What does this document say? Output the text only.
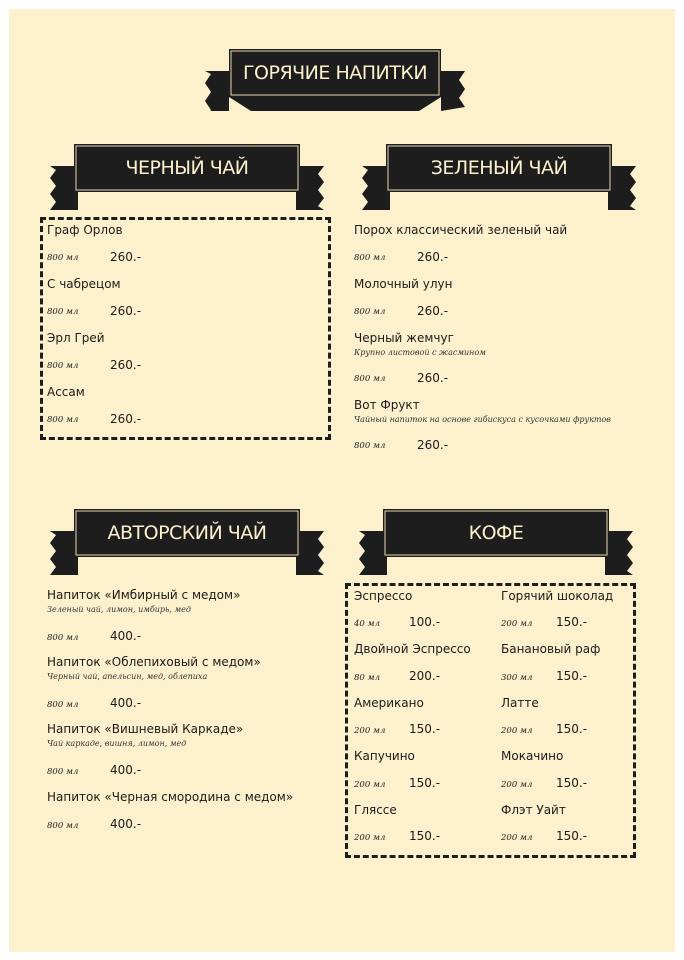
ГОРЯЧИЕ НАПИТКИ
ЧЕРНЫЙ ЧАЙ	ЗЕЛЕНЫЙ ЧАЙ
Граф Орлов
800 мл	260.-
С чабрецом
800 мл	260.-
Эрл Грей
800 мл	260.-
Ассам
800 мл	260.-
Порох классический зеленый чай
800 мл	260.-
Молочный улун
800 мл	260.-
Черный жемчуг
Крупно листовой с жасмином
800 мл	260.-
Вот Фрукт
Чайный напиток на основе гибискуса с кусочками фруктов
800 мл	260.-
АВТОРСКИЙ ЧАЙ	КОФЕ
Напиток «Имбирный с медом»
Зеленый чай, лимон, имбирь, мед
800 мл	400.-
Напиток «Облепиховый с медом»
Черный чай, апельсин, мед, облепиха
800 мл	400.-
Напиток «Вишневый Каркаде»
Чай каркаде, вишня, лимон, мед
800 мл	400.-
Напиток «Черная смородина с медом»
800 мл	400.-
Эспрессо
40 мл 100.-
Двойной Эспрессо
80 мл 200.-
Американо
200 мл 150.-
Капучино
200 мл 150.-
Гляссе
200 мл 150.-
Горячий шоколад
200 мл 150.-
Банановый раф
300 мл 150.-
Латте
200 мл 150.-
Мокачино
200 мл 150.-
Флэт Уайт
200 мл 150.-
